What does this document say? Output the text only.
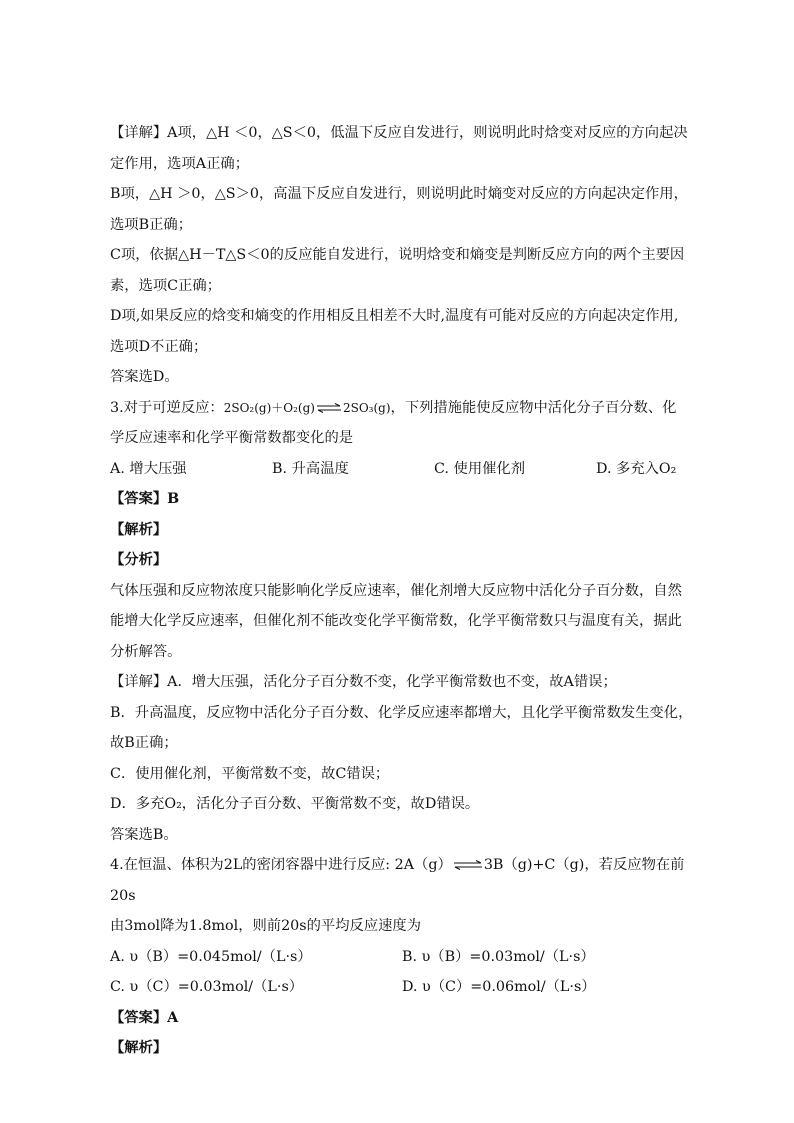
【详解】A项，△H ＜0，△S＜0，低温下反应自发进行，则说明此时焓变对反应的方向起决

定作用，选项A正确；

B项，△H ＞0，△S＞0，高温下反应自发进行，则说明此时熵变对反应的方向起决定作用，

选项B正确；

C项，依据△H－T△S＜0的反应能自发进行，说明焓变和熵变是判断反应方向的两个主要因

素，选项C正确；

D项,如果反应的焓变和熵变的作用相反且相差不大时,温度有可能对反应的方向起决定作用,

选项D不正确；

答案选D。

3.对于可逆反应：2SO₂(g)＋O₂(g)⇌2SO₃(g)，下列措施能使反应物中活化分子百分数、化

学反应速率和化学平衡常数都变化的是

A. 增大压强	B. 升高温度	C. 使用催化剂	D. 多充入O₂

【答案】B

【解析】

【分析】

气体压强和反应物浓度只能影响化学反应速率，催化剂增大反应物中活化分子百分数，自然

能增大化学反应速率，但催化剂不能改变化学平衡常数，化学平衡常数只与温度有关，据此

分析解答。

【详解】A．增大压强，活化分子百分数不变，化学平衡常数也不变，故A错误；

B．升高温度，反应物中活化分子百分数、化学反应速率都增大，且化学平衡常数发生变化，

故B正确；

C．使用催化剂，平衡常数不变，故C错误；

D．多充O₂，活化分子百分数、平衡常数不变，故D错误。

答案选B。

4.在恒温、体积为2L的密闭容器中进行反应: 2A（g）⇌3B（g)+C（g)，若反应物在前20s

由3mol降为1.8mol，则前20s的平均反应速度为

A. υ（B）=0.045mol/（L·s）	B. υ（B）=0.03mol/（L·s）
C. υ（C）=0.03mol/（L·s）	D. υ（C）=0.06mol/（L·s）

【答案】A

【解析】
